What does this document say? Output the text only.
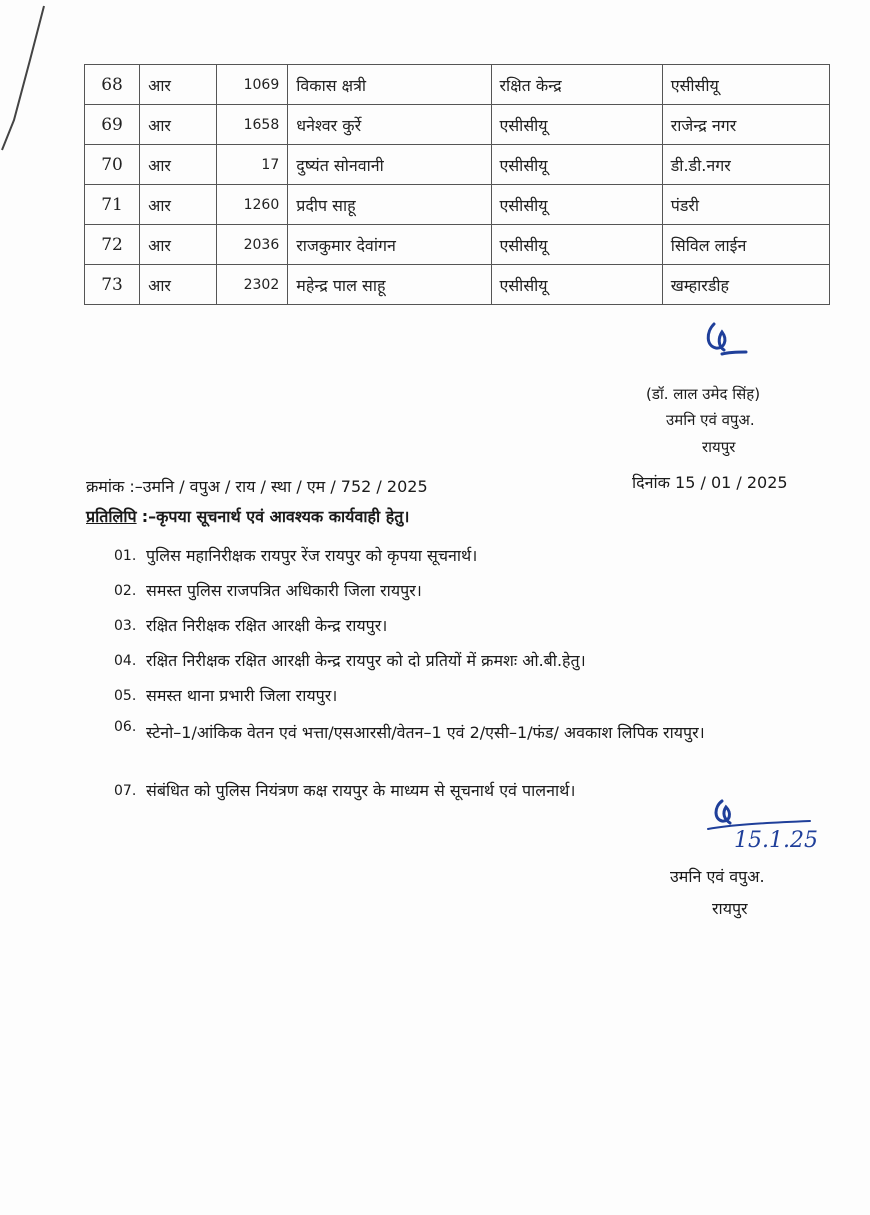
68	आर	1069	विकास क्षत्री	रक्षित केन्द्र	एसीसीयू
69	आर	1658	धनेश्वर कुर्रे	एसीसीयू	राजेन्द्र नगर
70	आर	17	दुष्यंत सोनवानी	एसीसीयू	डी.डी.नगर
71	आर	1260	प्रदीप साहू	एसीसीयू	पंडरी
72	आर	2036	राजकुमार देवांगन	एसीसीयू	सिविल लाईन
73	आर	2302	महेन्द्र पाल साहू	एसीसीयू	खम्हारडीह
(डॉ. लाल उमेद सिंह)
उमनि एवं वपुअ.
रायपुर
क्रमांक :–उमनि / वपुअ / राय / स्था / एम / 752 / 2025	दिनांक 15 / 01 / 2025
प्रतिलिपि :–कृपया सूचनार्थ एवं आवश्यक कार्यवाही हेतु।
01. पुलिस महानिरीक्षक रायपुर रेंज रायपुर को कृपया सूचनार्थ।
02. समस्त पुलिस राजपत्रित अधिकारी जिला रायपुर।
03. रक्षित निरीक्षक रक्षित आरक्षी केन्द्र रायपुर।
04. रक्षित निरीक्षक रक्षित आरक्षी केन्द्र रायपुर को दो प्रतियों में क्रमशः ओ.बी.हेतु।
05. समस्त थाना प्रभारी जिला रायपुर।
06. स्टेनो–1/आंकिक वेतन एवं भत्ता/एसआरसी/वेतन–1 एवं 2/एसी–1/फंड/ अवकाश लिपिक रायपुर।
07. संबंधित को पुलिस नियंत्रण कक्ष रायपुर के माध्यम से सूचनार्थ एवं पालनार्थ।
15.1.25
उमनि एवं वपुअ.
रायपुर
